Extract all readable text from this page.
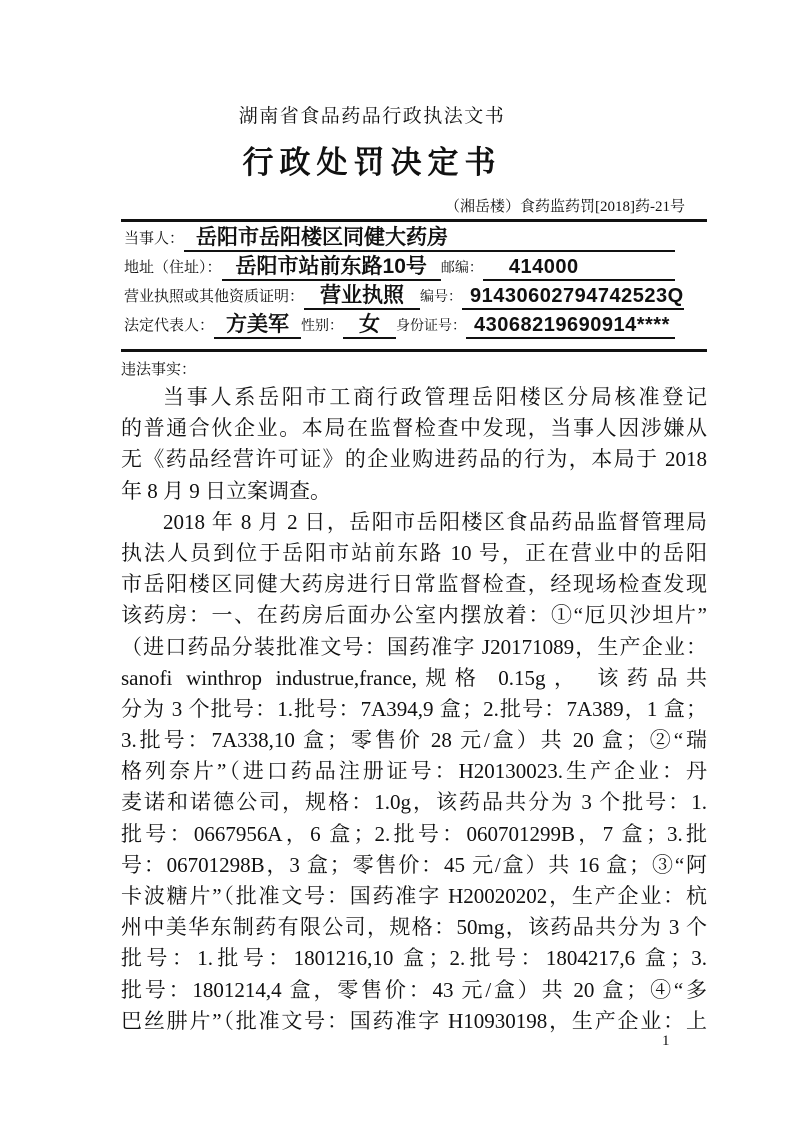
湖南省食品药品行政执法文书
行政处罚决定书
（湘岳楼）食药监药罚[2018]药-21号
当事人： 岳阳市岳阳楼区同健大药房
地址（住址）： 岳阳市站前东路10号 邮编： 414000
营业执照或其他资质证明： 营业执照 编号： 91430602794742523Q
法定代表人： 方美军 性别： 女 身份证号： 43068219690914****
违法事实：
当事人系岳阳市工商行政管理岳阳楼区分局核准登记
的普通合伙企业。本局在监督检查中发现，当事人因涉嫌从
无《药品经营许可证》的企业购进药品的行为，本局于 2018
年 8 月 9 日立案调查。
2018 年 8 月 2 日，岳阳市岳阳楼区食品药品监督管理局
执法人员到位于岳阳市站前东路 10 号，正在营业中的岳阳
市岳阳楼区同健大药房进行日常监督检查，经现场检查发现
该药房：一、在药房后面办公室内摆放着：①“厄贝沙坦片”
（进口药品分装批准文号：国药准字 J20171089，生产企业：
sanofi winthrop industrue,france,规格 0.15g， 该药品共
分为 3 个批号：1.批号：7A394,9 盒；2.批号：7A389，1 盒；
3.批号：7A338,10 盒；零售价 28 元/盒）共 20 盒；②“瑞
格列奈片”（进口药品注册证号：H20130023.生产企业：丹
麦诺和诺德公司，规格：1.0g，该药品共分为 3 个批号：1.
批号：0667956A，6 盒；2.批号：060701299B，7 盒；3.批
号：06701298B，3 盒；零售价：45 元/盒）共 16 盒；③“阿
卡波糖片”（批准文号：国药准字 H20020202，生产企业：杭
州中美华东制药有限公司，规格：50mg，该药品共分为 3 个
批号：1.批号：1801216,10 盒；2.批号：1804217,6 盒；3.
批号：1801214,4 盒，零售价：43 元/盒）共 20 盒；④“多
巴丝肼片”（批准文号：国药准字 H10930198，生产企业：上
1
